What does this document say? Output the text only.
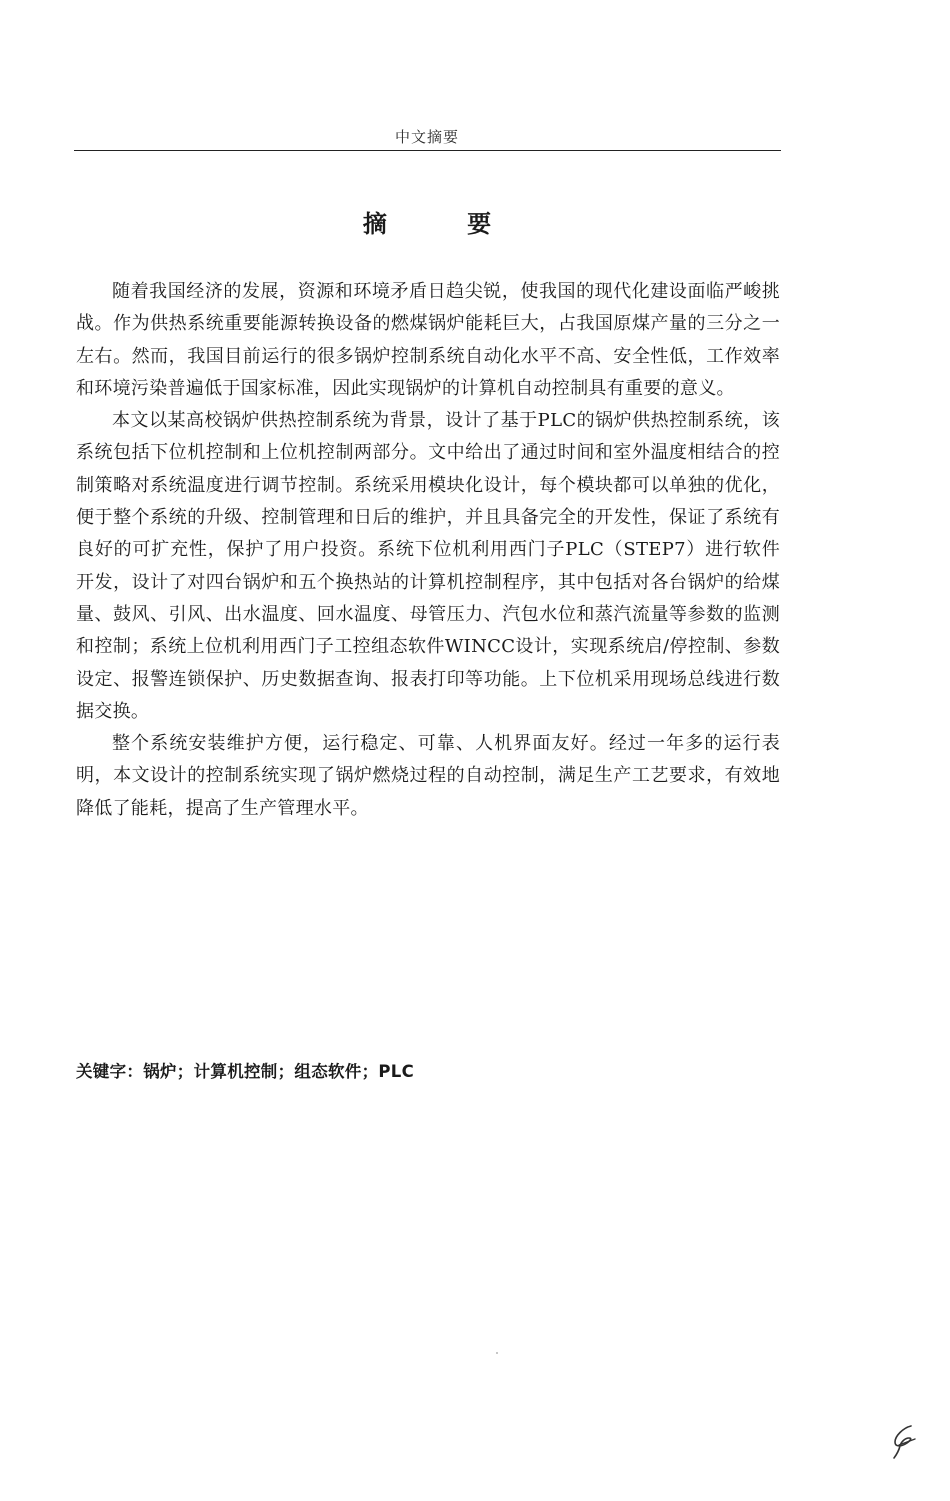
中文摘要
摘 要

随着我国经济的发展，资源和环境矛盾日趋尖锐，使我国的现代化建设面临严峻挑战。作为供热系统重要能源转换设备的燃煤锅炉能耗巨大，占我国原煤产量的三分之一左右。然而，我国目前运行的很多锅炉控制系统自动化水平不高、安全性低，工作效率和环境污染普遍低于国家标准，因此实现锅炉的计算机自动控制具有重要的意义。

本文以某高校锅炉供热控制系统为背景，设计了基于PLC的锅炉供热控制系统，该系统包括下位机控制和上位机控制两部分。文中给出了通过时间和室外温度相结合的控制策略对系统温度进行调节控制。系统采用模块化设计，每个模块都可以单独的优化，便于整个系统的升级、控制管理和日后的维护，并且具备完全的开发性，保证了系统有良好的可扩充性，保护了用户投资。系统下位机利用西门子PLC（STEP7）进行软件开发，设计了对四台锅炉和五个换热站的计算机控制程序，其中包括对各台锅炉的给煤量、鼓风、引风、出水温度、回水温度、母管压力、汽包水位和蒸汽流量等参数的监测和控制；系统上位机利用西门子工控组态软件WINCC设计，实现系统启/停控制、参数设定、报警连锁保护、历史数据查询、报表打印等功能。上下位机采用现场总线进行数据交换。

整个系统安装维护方便，运行稳定、可靠、人机界面友好。经过一年多的运行表明，本文设计的控制系统实现了锅炉燃烧过程的自动控制，满足生产工艺要求，有效地降低了能耗，提高了生产管理水平。

关键字：锅炉；计算机控制；组态软件；PLC
